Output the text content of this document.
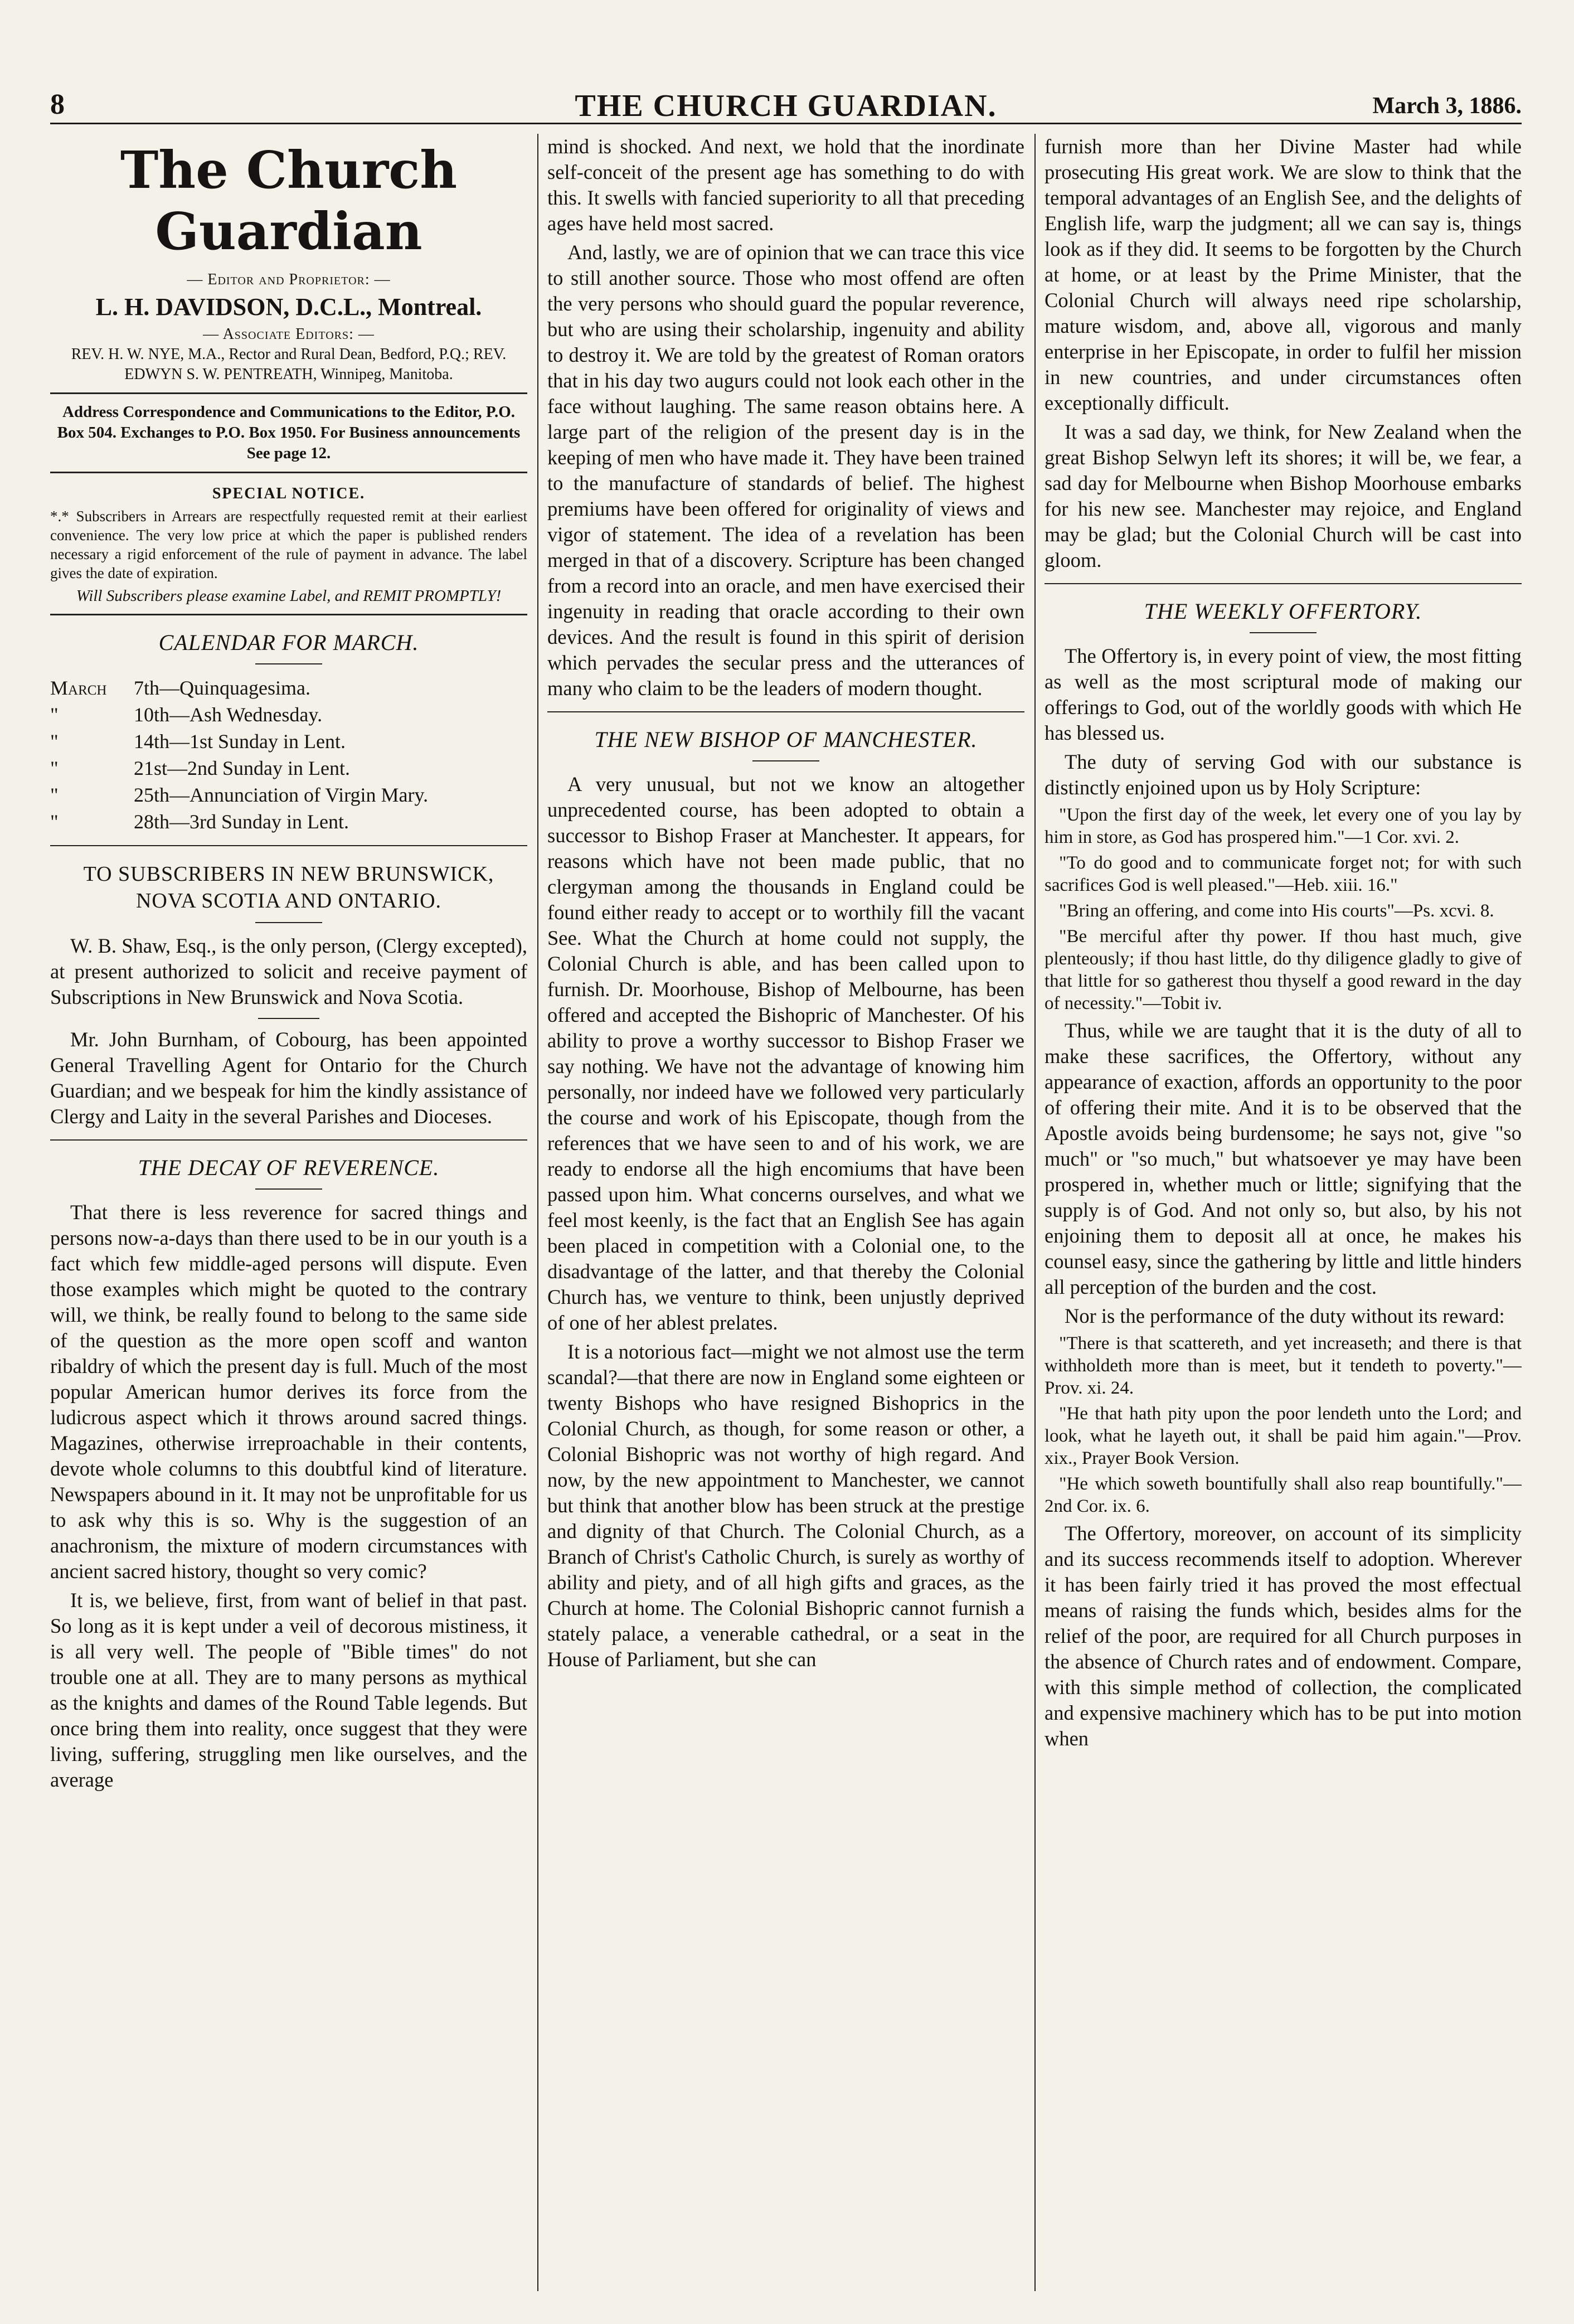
8	THE CHURCH GUARDIAN.	March 3, 1886.
The Church Guardian
— Editor and Proprietor: —
L. H. DAVIDSON, D.C.L., Montreal.
— Associate Editors: —
REV. H. W. NYE, M.A., Rector and Rural Dean, Bedford, P.Q.; REV. EDWYN S. W. PENTREATH, Winnipeg, Manitoba.
Address Correspondence and Communications to the Editor, P.O. Box 504. Exchanges to P.O. Box 1950. For Business announcements See page 12.
SPECIAL NOTICE.

*.* Subscribers in Arrears are respectfully requested remit at their earliest convenience. The very low price at which the paper is published renders necessary a rigid enforcement of the rule of payment in advance. The label gives the date of expiration.

Will Subscribers please examine Label, and REMIT PROMPTLY!
CALENDAR FOR MARCH.
March	7th—Quinquagesima.
"	10th—Ash Wednesday.
"	14th—1st Sunday in Lent.
"	21st—2nd Sunday in Lent.
"	25th—Annunciation of Virgin Mary.
"	28th—3rd Sunday in Lent.
TO SUBSCRIBERS IN NEW BRUNSWICK, NOVA SCOTIA AND ONTARIO.

W. B. Shaw, Esq., is the only person, (Clergy excepted), at present authorized to solicit and receive payment of Subscriptions in New Brunswick and Nova Scotia.

Mr. John Burnham, of Cobourg, has been appointed General Travelling Agent for Ontario for the Church Guardian; and we bespeak for him the kindly assistance of Clergy and Laity in the several Parishes and Dioceses.

THE DECAY OF REVERENCE.

That there is less reverence for sacred things and persons now-a-days than there used to be in our youth is a fact which few middle-aged persons will dispute. Even those examples which might be quoted to the contrary will, we think, be really found to belong to the same side of the question as the more open scoff and wanton ribaldry of which the present day is full. Much of the most popular American humor derives its force from the ludicrous aspect which it throws around sacred things. Magazines, otherwise irreproachable in their contents, devote whole columns to this doubtful kind of literature. Newspapers abound in it. It may not be unprofitable for us to ask why this is so. Why is the suggestion of an anachronism, the mixture of modern circumstances with ancient sacred history, thought so very comic?

It is, we believe, first, from want of belief in that past. So long as it is kept under a veil of decorous mistiness, it is all very well. The people of "Bible times" do not trouble one at all. They are to many persons as mythical as the knights and dames of the Round Table legends. But once bring them into reality, once suggest that they were living, suffering, struggling men like ourselves, and the average

mind is shocked. And next, we hold that the inordinate self-conceit of the present age has something to do with this. It swells with fancied superiority to all that preceding ages have held most sacred.

And, lastly, we are of opinion that we can trace this vice to still another source. Those who most offend are often the very persons who should guard the popular reverence, but who are using their scholarship, ingenuity and ability to destroy it. We are told by the greatest of Roman orators that in his day two augurs could not look each other in the face without laughing. The same reason obtains here. A large part of the religion of the present day is in the keeping of men who have made it. They have been trained to the manufacture of standards of belief. The highest premiums have been offered for originality of views and vigor of statement. The idea of a revelation has been merged in that of a discovery. Scripture has been changed from a record into an oracle, and men have exercised their ingenuity in reading that oracle according to their own devices. And the result is found in this spirit of derision which pervades the secular press and the utterances of many who claim to be the leaders of modern thought.

THE NEW BISHOP OF MANCHESTER.

A very unusual, but not we know an altogether unprecedented course, has been adopted to obtain a successor to Bishop Fraser at Manchester. It appears, for reasons which have not been made public, that no clergyman among the thousands in England could be found either ready to accept or to worthily fill the vacant See. What the Church at home could not supply, the Colonial Church is able, and has been called upon to furnish. Dr. Moorhouse, Bishop of Melbourne, has been offered and accepted the Bishopric of Manchester. Of his ability to prove a worthy successor to Bishop Fraser we say nothing. We have not the advantage of knowing him personally, nor indeed have we followed very particularly the course and work of his Episcopate, though from the references that we have seen to and of his work, we are ready to endorse all the high encomiums that have been passed upon him. What concerns ourselves, and what we feel most keenly, is the fact that an English See has again been placed in competition with a Colonial one, to the disadvantage of the latter, and that thereby the Colonial Church has, we venture to think, been unjustly deprived of one of her ablest prelates.

It is a notorious fact—might we not almost use the term scandal?—that there are now in England some eighteen or twenty Bishops who have resigned Bishoprics in the Colonial Church, as though, for some reason or other, a Colonial Bishopric was not worthy of high regard. And now, by the new appointment to Manchester, we cannot but think that another blow has been struck at the prestige and dignity of that Church. The Colonial Church, as a Branch of Christ's Catholic Church, is surely as worthy of ability and piety, and of all high gifts and graces, as the Church at home. The Colonial Bishopric cannot furnish a stately palace, a venerable cathedral, or a seat in the House of Parliament, but she can

furnish more than her Divine Master had while prosecuting His great work. We are slow to think that the temporal advantages of an English See, and the delights of English life, warp the judgment; all we can say is, things look as if they did. It seems to be forgotten by the Church at home, or at least by the Prime Minister, that the Colonial Church will always need ripe scholarship, mature wisdom, and, above all, vigorous and manly enterprise in her Episcopate, in order to fulfil her mission in new countries, and under circumstances often exceptionally difficult.

It was a sad day, we think, for New Zealand when the great Bishop Selwyn left its shores; it will be, we fear, a sad day for Melbourne when Bishop Moorhouse embarks for his new see. Manchester may rejoice, and England may be glad; but the Colonial Church will be cast into gloom.

THE WEEKLY OFFERTORY.

The Offertory is, in every point of view, the most fitting as well as the most scriptural mode of making our offerings to God, out of the worldly goods with which He has blessed us.

The duty of serving God with our substance is distinctly enjoined upon us by Holy Scripture:

"Upon the first day of the week, let every one of you lay by him in store, as God has prospered him."—1 Cor. xvi. 2.

"To do good and to communicate forget not; for with such sacrifices God is well pleased."—Heb. xiii. 16."

"Bring an offering, and come into His courts"—Ps. xcvi. 8.

"Be merciful after thy power. If thou hast much, give plenteously; if thou hast little, do thy diligence gladly to give of that little for so gatherest thou thyself a good reward in the day of necessity."—Tobit iv.

Thus, while we are taught that it is the duty of all to make these sacrifices, the Offertory, without any appearance of exaction, affords an opportunity to the poor of offering their mite. And it is to be observed that the Apostle avoids being burdensome; he says not, give "so much" or "so much," but whatsoever ye may have been prospered in, whether much or little; signifying that the supply is of God. And not only so, but also, by his not enjoining them to deposit all at once, he makes his counsel easy, since the gathering by little and little hinders all perception of the burden and the cost.

Nor is the performance of the duty without its reward:

"There is that scattereth, and yet increaseth; and there is that withholdeth more than is meet, but it tendeth to poverty."—Prov. xi. 24.

"He that hath pity upon the poor lendeth unto the Lord; and look, what he layeth out, it shall be paid him again."—Prov. xix., Prayer Book Version.

"He which soweth bountifully shall also reap bountifully."—2nd Cor. ix. 6.

The Offertory, moreover, on account of its simplicity and its success recommends itself to adoption. Wherever it has been fairly tried it has proved the most effectual means of raising the funds which, besides alms for the relief of the poor, are required for all Church purposes in the absence of Church rates and of endowment. Compare, with this simple method of collection, the complicated and expensive machinery which has to be put into motion when
